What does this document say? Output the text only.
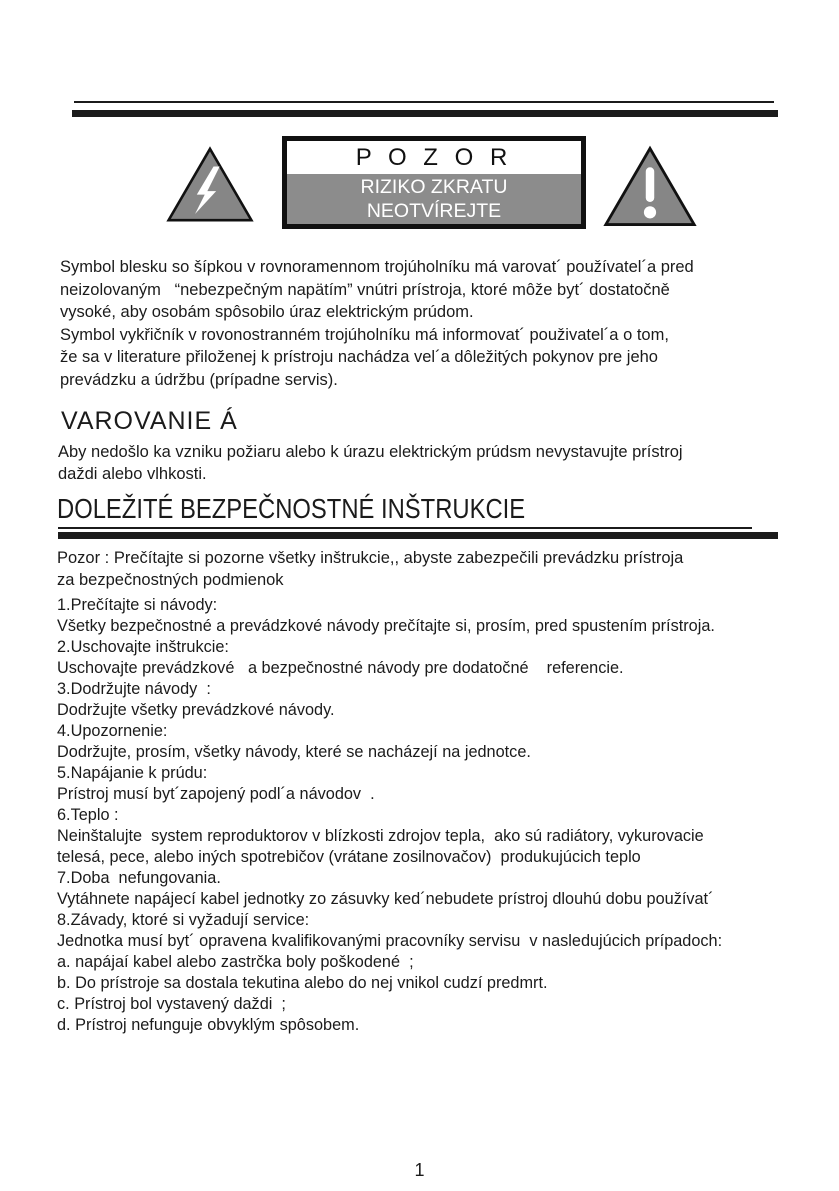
P O Z O R
RIZIKO ZKRATU
NEOTVÍREJTE
Symbol blesku so šípkou v rovnoramennom trojúholníku má varovat´ používatel´a pred
neizolovaným   “nebezpečným napätím” vnútri prístroja, ktoré môže byt´ dostatočně
vysoké, aby osobám spôsobilo úraz elektrickým prúdom.
Symbol vykřičník v rovonostranném trojúholníku má informovat´ použivatel´a o tom,
že sa v literature přiloženej k prístroju nachádza vel´a dôležitých pokynov pre jeho
prevádzku a údržbu (prípadne servis).
VAROVANIE Á
Aby nedošlo ka vzniku požiaru alebo k úrazu elektrickým prúdsm nevystavujte prístroj
daždi alebo vlhkosti.
DOLEŽITÉ BEZPEČNOSTNÉ INŠTRUKCIE
Pozor : Prečítajte si pozorne všetky inštrukcie,, abyste zabezpečili prevádzku prístroja
za bezpečnostných podmienok
1.Prečítajte si návody:
Všetky bezpečnostné a prevádzkové návody prečítajte si, prosím, pred spustením prístroja.
2.Uschovajte inštrukcie:
Uschovajte prevádzkové   a bezpečnostné návody pre dodatočné    referencie.
3.Dodržujte návody  :
Dodržujte všetky prevádzkové návody.
4.Upozornenie:
Dodržujte, prosím, všetky návody, které se nacházejí na jednotce.
5.Napájanie k prúdu:
Prístroj musí byt´zapojený podl´a návodov  .
6.Teplo :
Neinštalujte  system reproduktorov v blízkosti zdrojov tepla,  ako sú radiátory, vykurovacie
telesá, pece, alebo iných spotrebičov (vrátane zosilnovačov)  produkujúcich teplo
7.Doba  nefungovania.
Vytáhnete napájecí kabel jednotky zo zásuvky ked´nebudete prístroj dlouhú dobu používat´
8.Závady, ktoré si vyžadují service:
Jednotka musí byt´ opravena kvalifikovanými pracovníky servisu  v nasledujúcich prípadoch:
a. napájaí kabel alebo zastrčka boly poškodené  ;
b. Do prístroje sa dostala tekutina alebo do nej vnikol cudzí predmrt.
c. Prístroj bol vystavený daždi  ;
d. Prístroj nefunguje obvyklým spôsobem.
1
